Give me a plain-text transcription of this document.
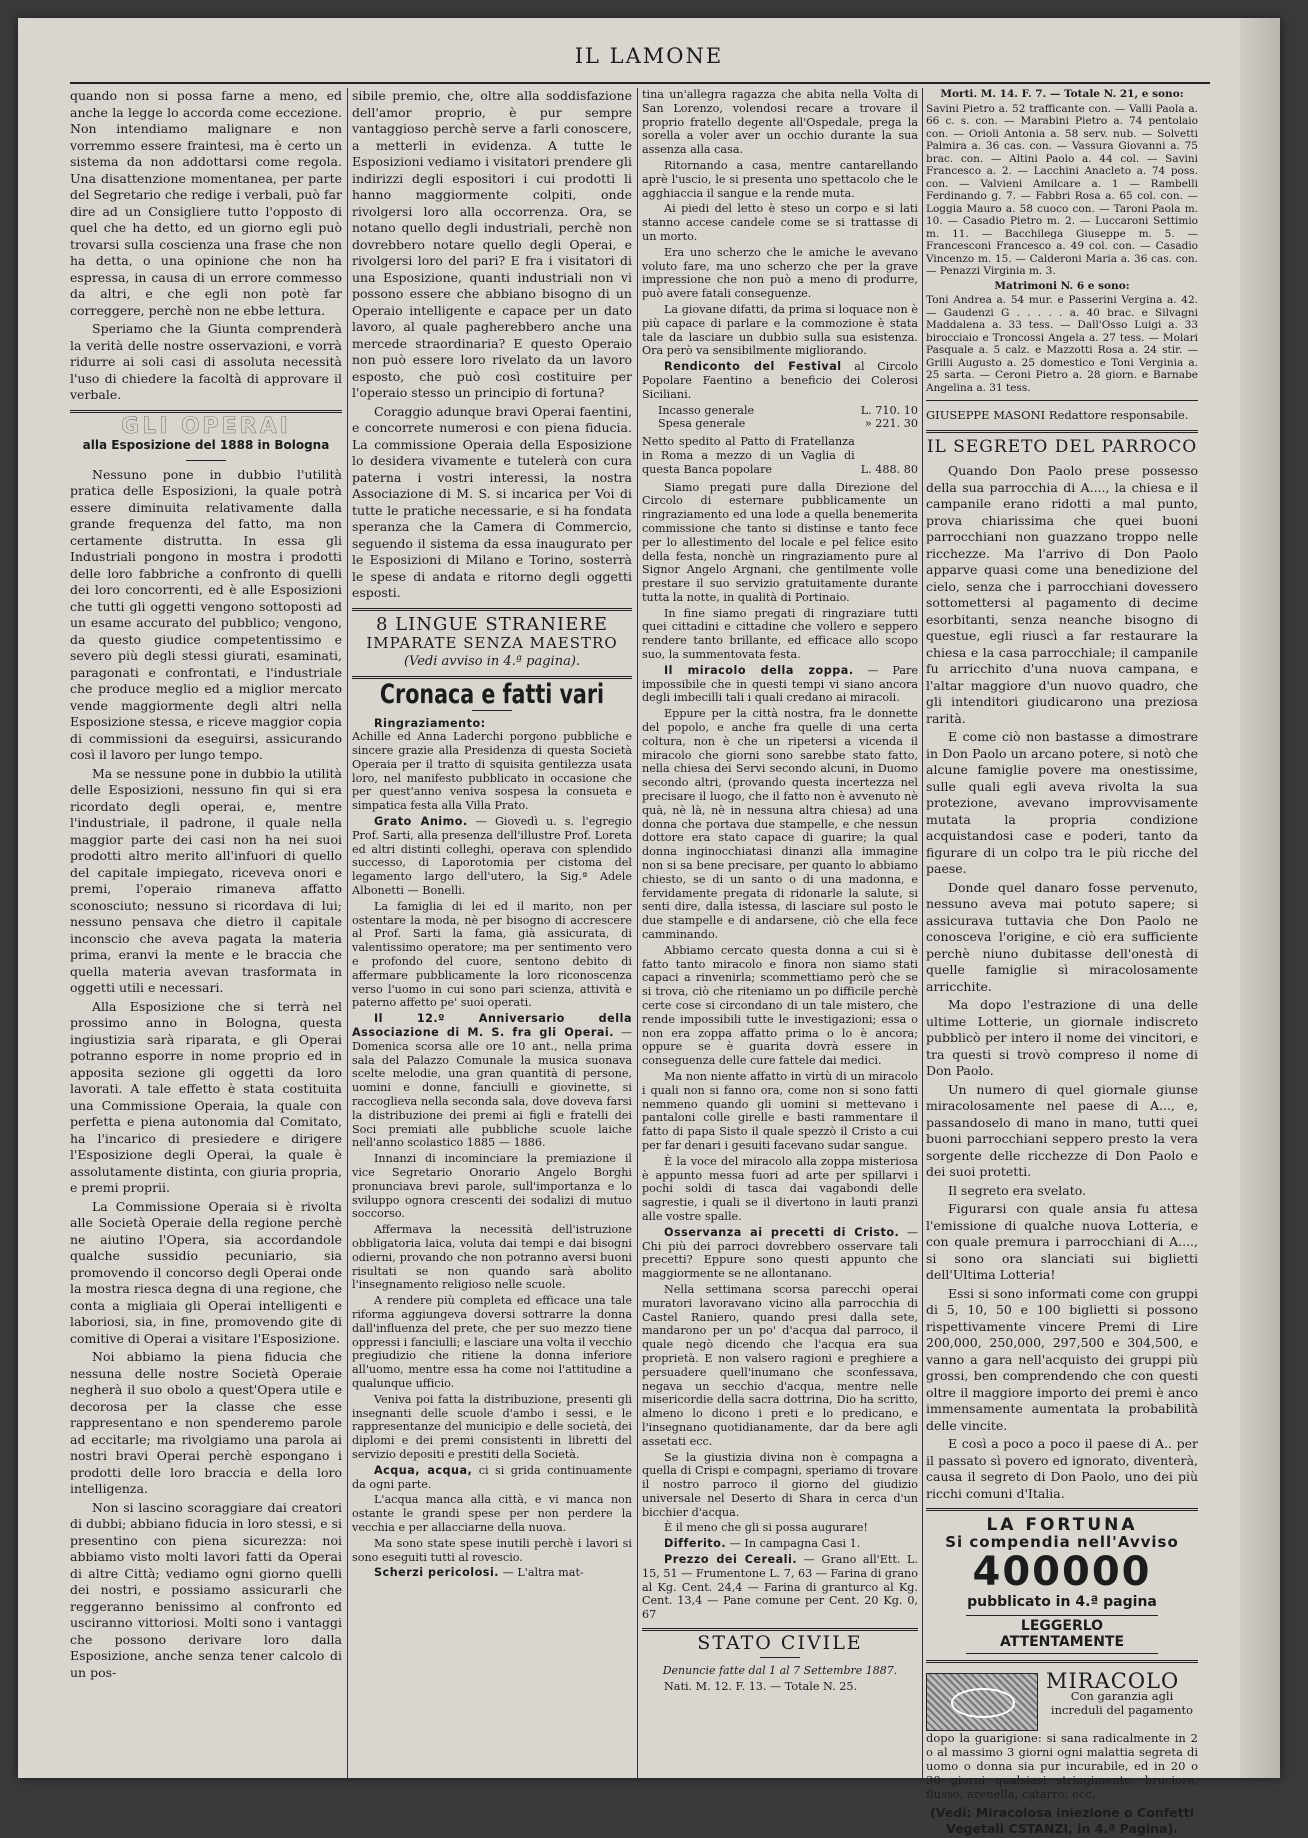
IL LAMONE

quando non si possa farne a meno, ed anche la legge lo accorda come eccezione. Non intendiamo malignare e non vorremmo essere fraintesi, ma è certo un sistema da non addottarsi come regola. Una disattenzione momentanea, per parte del Segretario che redige i verbali, può far dire ad un Consigliere tutto l'opposto di quel che ha detto, ed un giorno egli può trovarsi sulla coscienza una frase che non ha detta, o una opinione che non ha espressa, in causa di un errore commesso da altri, e che egli non potè far correggere, perchè non ne ebbe lettura.

Speriamo che la Giunta comprenderà la verità delle nostre osservazioni, e vorrà ridurre ai soli casi di assoluta necessità l'uso di chiedere la facoltà di approvare il verbale.

GLI OPERAI
alla Esposizione del 1888 in Bologna

Nessuno pone in dubbio l'utilità pratica delle Esposizioni, la quale potrà essere diminuita relativamente dalla grande frequenza del fatto, ma non certamente distrutta. In essa gli Industriali pongono in mostra i prodotti delle loro fabbriche a confronto di quelli dei loro concorrenti, ed è alle Esposizioni che tutti gli oggetti vengono sottoposti ad un esame accurato del pubblico; vengono, da questo giudice competentissimo e severo più degli stessi giurati, esaminati, paragonati e confrontati, e l'industriale che produce meglio ed a miglior mercato vende maggiormente degli altri nella Esposizione stessa, e riceve maggior copia di commissioni da eseguirsi, assicurando così il lavoro per lungo tempo.

Ma se nessune pone in dubbio la utilità delle Esposizioni, nessuno fin qui si era ricordato degli operai, e, mentre l'industriale, il padrone, il quale nella maggior parte dei casi non ha nei suoi prodotti altro merito all'infuori di quello del capitale impiegato, riceveva onori e premi, l'operaio rimaneva affatto sconosciuto; nessuno si ricordava di lui; nessuno pensava che dietro il capitale inconscio che aveva pagata la materia prima, eranvi la mente e le braccia che quella materia avevan trasformata in oggetti utili e necessari.

Alla Esposizione che si terrà nel prossimo anno in Bologna, questa ingiustizia sarà riparata, e gli Operai potranno esporre in nome proprio ed in apposita sezione gli oggetti da loro lavorati. A tale effetto è stata costituita una Commissione Operaia, la quale con perfetta e piena autonomia dal Comitato, ha l'incarico di presiedere e dirigere l'Esposizione degli Operai, la quale è assolutamente distinta, con giuria propria, e premi proprii.

La Commissione Operaia si è rivolta alle Società Operaie della regione perchè ne aiutino l'Opera, sia accordandole qualche sussidio pecuniario, sia promovendo il concorso degli Operai onde la mostra riesca degna di una regione, che conta a migliaia gli Operai intelligenti e laboriosi, sia, in fine, promovendo gite di comitive di Operai a visitare l'Esposizione.

Noi abbiamo la piena fiducia che nessuna delle nostre Società Operaie negherà il suo obolo a quest'Opera utile e decorosa per la classe che esse rappresentano e non spenderemo parole ad eccitarle; ma rivolgiamo una parola ai nostri bravi Operai perchè espongano i prodotti delle loro braccia e della loro intelligenza.

Non si lascino scoraggiare dai creatori di dubbi; abbiano fiducia in loro stessi, e si presentino con piena sicurezza: noi abbiamo visto molti lavori fatti da Operai di altre Città; vediamo ogni giorno quelli dei nostri, e possiamo assicurarli che reggeranno benissimo al confronto ed usciranno vittoriosi. Molti sono i vantaggi che possono derivare loro dalla Esposizione, anche senza tener calcolo di un pos-

sibile premio, che, oltre alla soddisfazione dell'amor proprio, è pur sempre vantaggioso perchè serve a farli conoscere, a metterli in evidenza. A tutte le Esposizioni vediamo i visitatori prendere gli indirizzi degli espositori i cui prodotti li hanno maggiormente colpiti, onde rivolgersi loro alla occorrenza. Ora, se notano quello degli industriali, perchè non dovrebbero notare quello degli Operai, e rivolgersi loro del pari? E fra i visitatori di una Esposizione, quanti industriali non vi possono essere che abbiano bisogno di un Operaio intelligente e capace per un dato lavoro, al quale pagherebbero anche una mercede straordinaria? E questo Operaio non può essere loro rivelato da un lavoro esposto, che può così costituire per l'operaio stesso un principio di fortuna?

Coraggio adunque bravi Operai faentini, e concorrete numerosi e con piena fiducia. La commissione Operaia della Esposizione lo desidera vivamente e tutelerà con cura paterna i vostri interessi, la nostra Associazione di M. S. si incarica per Voi di tutte le pratiche necessarie, e si ha fondata speranza che la Camera di Commercio, seguendo il sistema da essa inaugurato per le Esposizioni di Milano e Torino, sosterrà le spese di andata e ritorno degli oggetti esposti.

8 LINGUE STRANIERE
IMPARATE SENZA MAESTRO
(Vedi avviso in 4.ª pagina).
Cronaca e fatti vari

Ringraziamento:
Achille ed Anna Laderchi porgono pubbliche e sincere grazie alla Presidenza di questa Società Operaia per il tratto di squisita gentilezza usata loro, nel manifesto pubblicato in occasione che per quest'anno veniva sospesa la consueta e simpatica festa alla Villa Prato.

Grato Animo. — Giovedì u. s. l'egregio Prof. Sarti, alla presenza dell'illustre Prof. Loreta ed altri distinti colleghi, operava con splendido successo, di Laporotomia per cistoma del legamento largo dell'utero, la Sig.ª Adele Albonetti — Bonelli.

La famiglia di lei ed il marito, non per ostentare la moda, nè per bisogno di accrescere al Prof. Sarti la fama, già assicurata, di valentissimo operatore; ma per sentimento vero e profondo del cuore, sentono debito di affermare pubblicamente la loro riconoscenza verso l'uomo in cui sono pari scienza, attività e paterno affetto pe' suoi operati.

Il 12.º Anniversario della Associazione di M. S. fra gli Operai. — Domenica scorsa alle ore 10 ant., nella prima sala del Palazzo Comunale la musica suonava scelte melodie, una gran quantità di persone, uomini e donne, fanciulli e giovinette, si raccoglieva nella seconda sala, dove doveva farsi la distribuzione dei premi ai figli e fratelli dei Soci premiati alle pubbliche scuole laiche nell'anno scolastico 1885 — 1886.

Innanzi di incominciare la premiazione il vice Segretario Onorario Angelo Borghi pronunciava brevi parole, sull'importanza e lo sviluppo ognora crescenti dei sodalizi di mutuo soccorso.

Affermava la necessità dell'istruzione obbligatoria laica, voluta dai tempi e dai bisogni odierni, provando che non potranno aversi buoni risultati se non quando sarà abolito l'insegnamento religioso nelle scuole.

A rendere più completa ed efficace una tale riforma aggiungeva doversi sottrarre la donna dall'influenza del prete, che per suo mezzo tiene oppressi i fanciulli; e lasciare una volta il vecchio pregiudizio che ritiene la donna inferiore all'uomo, mentre essa ha come noi l'attitudine a qualunque ufficio.

Veniva poi fatta la distribuzione, presenti gli insegnanti delle scuole d'ambo i sessi, e le rappresentanze del municipio e delle società, dei diplomi e dei premi consistenti in libretti del servizio depositi e prestiti della Società.

Acqua, acqua, ci si grida continuamente da ogni parte.

L'acqua manca alla città, e vi manca non ostante le grandi spese per non perdere la vecchia e per allacciarne della nuova.

Ma sono state spese inutili perchè i lavori si sono eseguiti tutti al rovescio.

Scherzi pericolosi. — L'altra mat-

tina un'allegra ragazza che abita nella Volta di San Lorenzo, volendosi recare a trovare il proprio fratello degente all'Ospedale, prega la sorella a voler aver un occhio durante la sua assenza alla casa.

Ritornando a casa, mentre cantarellando aprè l'uscio, le si presenta uno spettacolo che le agghiaccia il sangue e la rende muta.

Ai piedi del letto è steso un corpo e si lati stanno accese candele come se si trattasse di un morto.

Era uno scherzo che le amiche le avevano voluto fare, ma uno scherzo che per la grave impressione che non può a meno di produrre, può avere fatali conseguenze.

La giovane difatti, da prima si loquace non è più capace di parlare e la commozione è stata tale da lasciare un dubbio sulla sua esistenza. Ora però va sensibilmente migliorando.

Rendiconto del Festival al Circolo Popolare Faentino a beneficio dei Colerosi Siciliani.

Incasso generale	L. 710. 10
Spesa generale	» 221. 30
Netto spedito al Patto di Fratellanza in Roma a mezzo di un Vaglia di questa Banca popolare	L. 488. 80

Siamo pregati pure dalla Direzione del Circolo di esternare pubblicamente un ringraziamento ed una lode a quella benemerita commissione che tanto si distinse e tanto fece per lo allestimento del locale e pel felice esito della festa, nonchè un ringraziamento pure al Signor Angelo Argnani, che gentilmente volle prestare il suo servizio gratuitamente durante tutta la notte, in qualità di Portinaio.

In fine siamo pregati di ringraziare tutti quei cittadini e cittadine che vollero e seppero rendere tanto brillante, ed efficace allo scopo suo, la summentovata festa.

Il miracolo della zoppa. — Pare impossibile che in questi tempi vi siano ancora degli imbecilli tali i quali credano ai miracoli.

Eppure per la città nostra, fra le donnette del popolo, e anche fra quelle di una certa coltura, non è che un ripetersi a vicenda il miracolo che giorni sono sarebbe stato fatto, nella chiesa dei Servi secondo alcuni, in Duomo secondo altri, (provando questa incertezza nel precisare il luogo, che il fatto non è avvenuto nè quà, nè là, nè in nessuna altra chiesa) ad una donna che portava due stampelle, e che nessun dottore era stato capace di guarire; la qual donna inginocchiatasi dinanzi alla immagine non si sa bene precisare, per quanto lo abbiamo chiesto, se di un santo o di una madonna, e fervidamente pregata di ridonarle la salute, si senti dire, dalla istessa, di lasciare sul posto le due stampelle e di andarsene, ciò che ella fece camminando.

Abbiamo cercato questa donna a cui si è fatto tanto miracolo e finora non siamo stati capaci a rinvenirla; scommettiamo però che se si trova, ciò che riteniamo un po difficile perchè certe cose si circondano di un tale mistero, che rende impossibili tutte le investigazioni; essa o non era zoppa affatto prima o lo è ancora; oppure se è guarita dovrà essere in conseguenza delle cure fattele dai medici.

Ma non niente affatto in virtù di un miracolo i quali non si fanno ora, come non si sono fatti nemmeno quando gli uomini si mettevano i pantaloni colle girelle e basti rammentare il fatto di papa Sisto il quale spezzò il Cristo a cui per far denari i gesuiti facevano sudar sangue.

È la voce del miracolo alla zoppa misteriosa è appunto messa fuori ad arte per spillarvi i pochi soldi di tasca dai vagabondi delle sagrestie, i quali se il divertono in lauti pranzi alle vostre spalle.

Osservanza ai precetti di Cristo. — Chi più dei parroci dovrebbero osservare tali precetti? Eppure sono questi appunto che maggiormente se ne allontanano.

Nella settimana scorsa parecchi operai muratori lavoravano vicino alla parrocchia di Castel Raniero, quando presi dalla sete, mandarono per un po' d'acqua dal parroco, il quale negò dicendo che l'acqua era sua proprietà. E non valsero ragioni e preghiere a persuadere quell'inumano che sconfessava, negava un secchio d'acqua, mentre nelle misericordie della sacra dottrina, Dio ha scritto, almeno lo dicono i preti e lo predicano, e l'insegnano quotidianamente, dar da bere agli assetati ecc.

Se la giustizia divina non è compagna a quella di Crispi e compagni, speriamo di trovare il nostro parroco il giorno del giudizio universale nel Deserto di Shara in cerca d'un bicchier d'acqua.

È il meno che gli si possa augurare!

Differito. — In campagna Casi 1.

Prezzo dei Cereali. — Grano all'Ett. L. 15, 51 — Frumentone L. 7, 63 — Farina di grano al Kg. Cent. 24,4 — Farina di granturco al Kg. Cent. 13,4 — Pane comune per Cent. 20 Kg. 0, 67

STATO CIVILE

Denuncie fatte dal 1 al 7 Settembre 1887.

Nati. M. 12. F. 13. — Totale N. 25.

Morti. M. 14. F. 7. — Totale N. 21, e sono:

Savini Pietro a. 52 trafficante con. — Valli Paola a. 66 c. s. con. — Marabini Pietro a. 74 pentolaio con. — Orioli Antonia a. 58 serv. nub. — Solvetti Palmira a. 36 cas. con. — Vassura Giovanni a. 75 brac. con. — Altini Paolo a. 44 col. — Savini Francesco a. 2. — Lacchini Anacleto a. 74 poss. con. — Valvieni Amilcare a. 1 — Rambelli Ferdinando g. 7. — Fabbri Rosa a. 65 col. con. — Loggia Mauro a. 58 cuoco con. — Taroni Paola m. 10. — Casadio Pietro m. 2. — Luccaroni Settimio m. 11. — Bacchilega Giuseppe m. 5. — Francesconi Francesco a. 49 col. con. — Casadio Vincenzo m. 15. — Calderoni Maria a. 36 cas. con. — Penazzi Virginia m. 3.

Matrimoni N. 6 e sono:

Toni Andrea a. 54 mur. e Passerini Vergina a. 42. — Gaudenzi G . . . . . a. 40 brac. e Silvagni Maddalena a. 33 tess. — Dall'Osso Luigi a. 33 birocciaio e Troncossi Angela a. 27 tess. — Molari Pasquale a. 5 calz. e Mazzotti Rosa a. 24 stir. — Grilli Augusto a. 25 domestico e Toni Verginia a. 25 sarta. — Ceroni Pietro a. 28 giorn. e Barnabe Angelina a. 31 tess.

GIUSEPPE MASONI Redattore responsabile.

IL SEGRETO DEL PARROCO

Quando Don Paolo prese possesso della sua parrocchia di A...., la chiesa e il campanile erano ridotti a mal punto, prova chiarissima che quei buoni parrocchiani non guazzano troppo nelle ricchezze. Ma l'arrivo di Don Paolo apparve quasi come una benedizione del cielo, senza che i parrocchiani dovessero sottomettersi al pagamento di decime esorbitanti, senza neanche bisogno di questue, egli riuscì a far restaurare la chiesa e la casa parrocchiale; il campanile fu arricchito d'una nuova campana, e l'altar maggiore d'un nuovo quadro, che gli intenditori giudicarono una preziosa rarità.

E come ciò non bastasse a dimostrare in Don Paolo un arcano potere, si notò che alcune famiglie povere ma onestissime, sulle quali egli aveva rivolta la sua protezione, avevano improvvisamente mutata la propria condizione acquistandosi case e poderi, tanto da figurare di un colpo tra le più ricche del paese.

Donde quel danaro fosse pervenuto, nessuno aveva mai potuto sapere; si assicurava tuttavia che Don Paolo ne conosceva l'origine, e ciò era sufficiente perchè niuno dubitasse dell'onestà di quelle famiglie sì miracolosamente arricchite.

Ma dopo l'estrazione di una delle ultime Lotterie, un giornale indiscreto pubblicò per intero il nome dei vincitori, e tra questi si trovò compreso il nome di Don Paolo.

Un numero di quel giornale giunse miracolosamente nel paese di A..., e, passandoselo di mano in mano, tutti quei buoni parrocchiani seppero presto la vera sorgente delle ricchezze di Don Paolo e dei suoi protetti.

Il segreto era svelato.

Figurarsi con quale ansia fu attesa l'emissione di qualche nuova Lotteria, e con quale premura i parrocchiani di A...., si sono ora slanciati sui biglietti dell'Ultima Lotteria!

Essi si sono informati come con gruppi di 5, 10, 50 e 100 biglietti si possono rispettivamente vincere Premi di Lire 200,000, 250,000, 297,500 e 304,500, e vanno a gara nell'acquisto dei gruppi più grossi, ben comprendendo che con questi oltre il maggiore importo dei premi è anco immensamente aumentata la probabilità delle vincite.

E così a poco a poco il paese di A.. per il passato sì povero ed ignorato, diventerà, causa il segreto di Don Paolo, uno dei più ricchi comuni d'Italia.

LA FORTUNA
Si compendia nell'Avviso
400000
pubblicato in 4.ª pagina
LEGGERLO ATTENTAMENTE
MIRACOLO
Con garanzia agli increduli del pagamento
dopo la guarigione: si sana radicalmente in 2 o al massimo 3 giorni ogni malattia segreta di uomo o donna sia pur incurabile, ed in 20 o 30 giorni qualsiasi stringimento, bruciore, flusso, arenella, catarro, ecc.
(Vedi: Miracolosa iniezione o Confetti Vegetali CSTANZI, in 4.ª Pagina).
